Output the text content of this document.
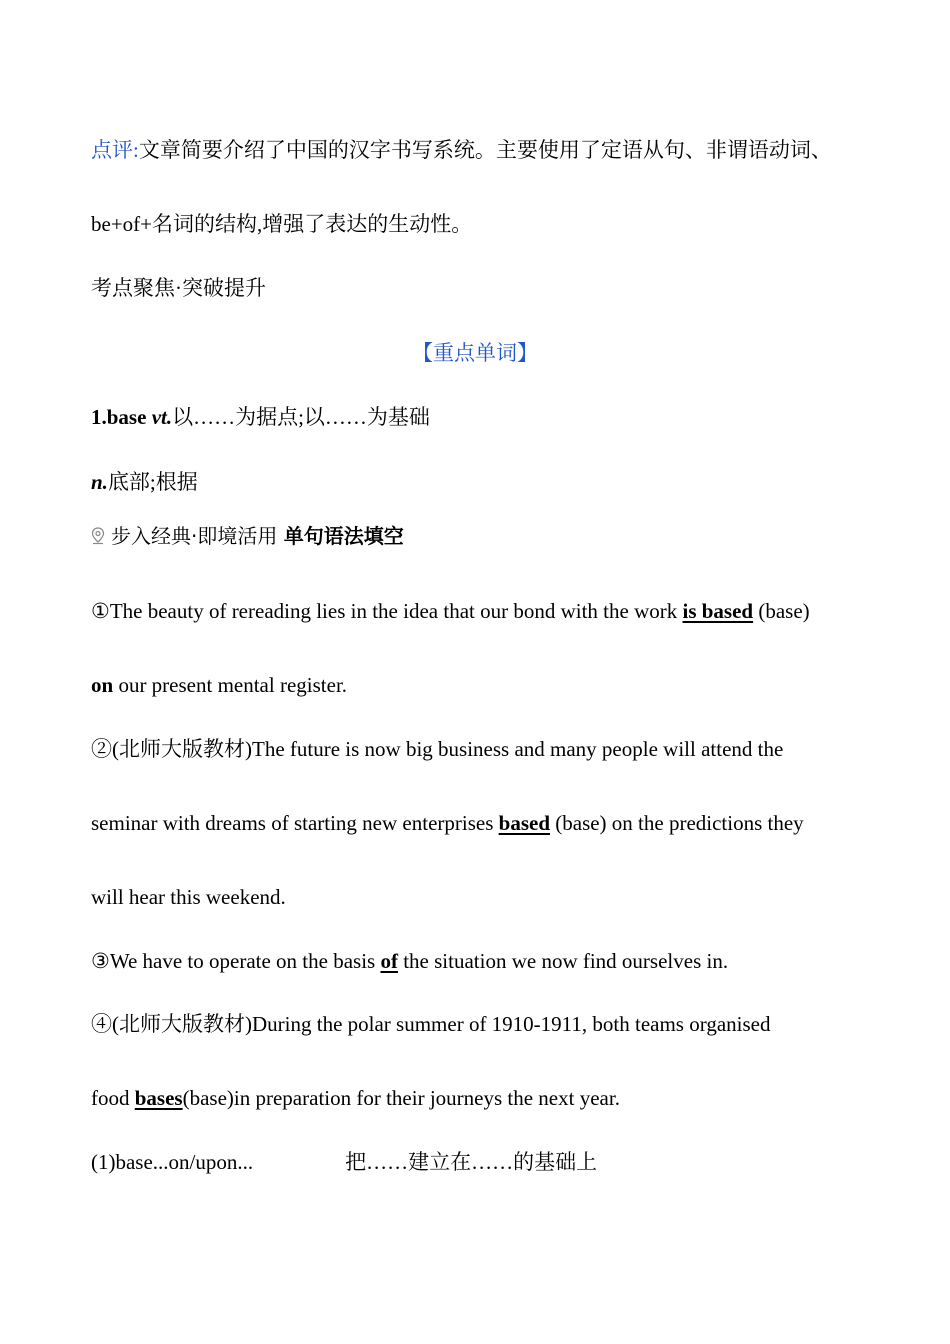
点评:文章简要介绍了中国的汉字书写系统。主要使用了定语从句、非谓语动词、
be+of+名词的结构,增强了表达的生动性。
考点聚焦·突破提升
【重点单词】
1.base vt.以……为据点;以……为基础
n.底部;根据
步入经典·即境活用 单句语法填空
①The beauty of rereading lies in the idea that our bond with the work is based (base)
on our present mental register.
②(北师大版教材)The future is now big business and many people will attend the
seminar with dreams of starting new enterprises based (base) on the predictions they
will hear this weekend.
③We have to operate on the basis of the situation we now find ourselves in.
④(北师大版教材)During the polar summer of 1910-1911, both teams organised
food bases(base)in preparation for their journeys the next year.
(1)base...on/upon...	把……建立在……的基础上
